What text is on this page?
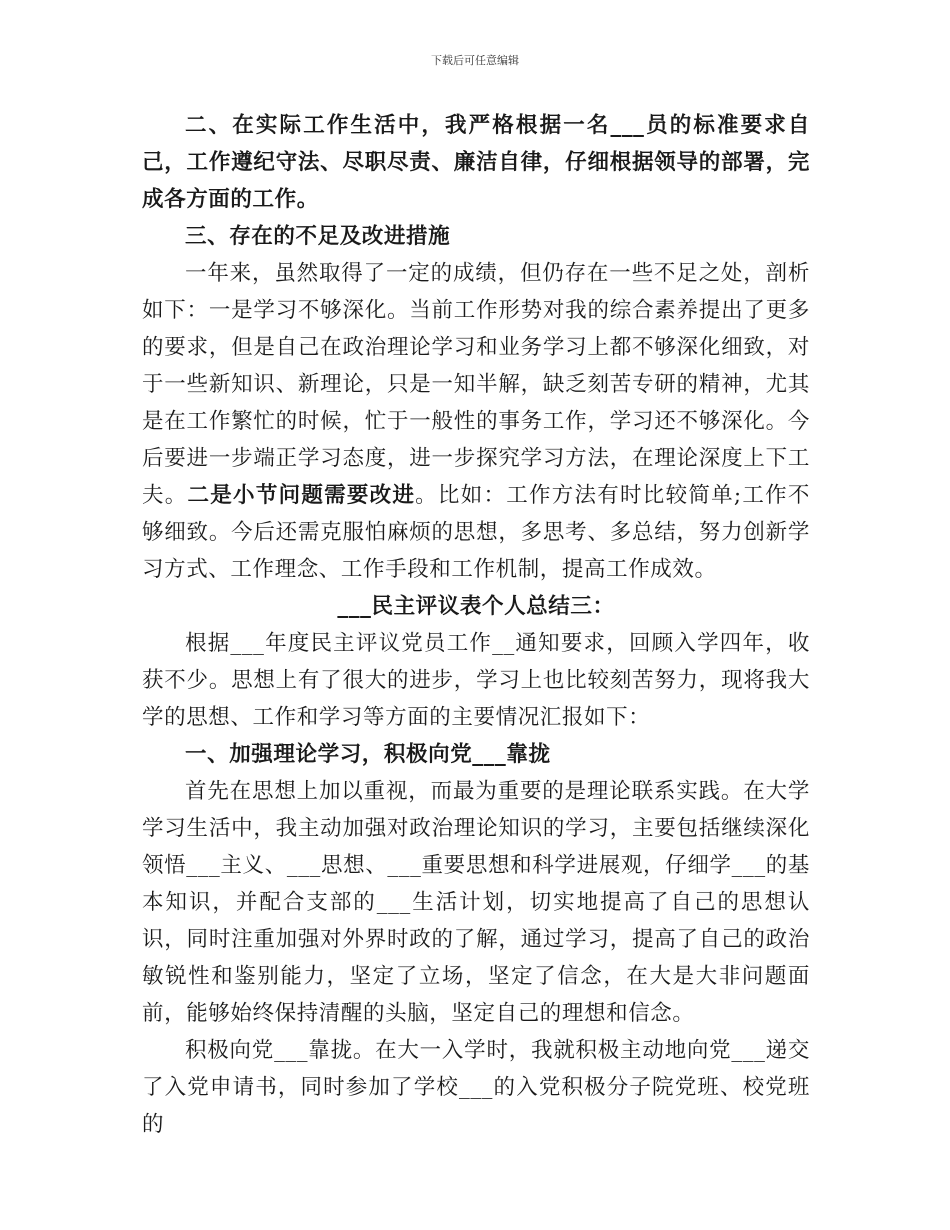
下载后可任意编辑

二、在实际工作生活中，我严格根据一名___员的标准要求自己，工作遵纪守法、尽职尽责、廉洁自律，仔细根据领导的部署，完成各方面的工作。

三、存在的不足及改进措施

一年来，虽然取得了一定的成绩，但仍存在一些不足之处，剖析如下：一是学习不够深化。当前工作形势对我的综合素养提出了更多的要求，但是自己在政治理论学习和业务学习上都不够深化细致，对于一些新知识、新理论，只是一知半解，缺乏刻苦专研的精神，尤其是在工作繁忙的时候，忙于一般性的事务工作，学习还不够深化。今后要进一步端正学习态度，进一步探究学习方法，在理论深度上下工夫。二是小节问题需要改进。比如：工作方法有时比较简单;工作不够细致。今后还需克服怕麻烦的思想，多思考、多总结，努力创新学习方式、工作理念、工作手段和工作机制，提高工作成效。

___民主评议表个人总结三：

根据___年度民主评议党员工作__通知要求，回顾入学四年，收获不少。思想上有了很大的进步，学习上也比较刻苦努力，现将我大学的思想、工作和学习等方面的主要情况汇报如下：

一、加强理论学习，积极向党___靠拢

首先在思想上加以重视，而最为重要的是理论联系实践。在大学学习生活中，我主动加强对政治理论知识的学习，主要包括继续深化领悟___主义、___思想、___重要思想和科学进展观，仔细学___的基本知识，并配合支部的___生活计划，切实地提高了自己的思想认识，同时注重加强对外界时政的了解，通过学习，提高了自己的政治敏锐性和鉴别能力，坚定了立场，坚定了信念，在大是大非问题面前，能够始终保持清醒的头脑，坚定自己的理想和信念。

积极向党___靠拢。在大一入学时，我就积极主动地向党___递交了入党申请书，同时参加了学校___的入党积极分子院党班、校党班的
